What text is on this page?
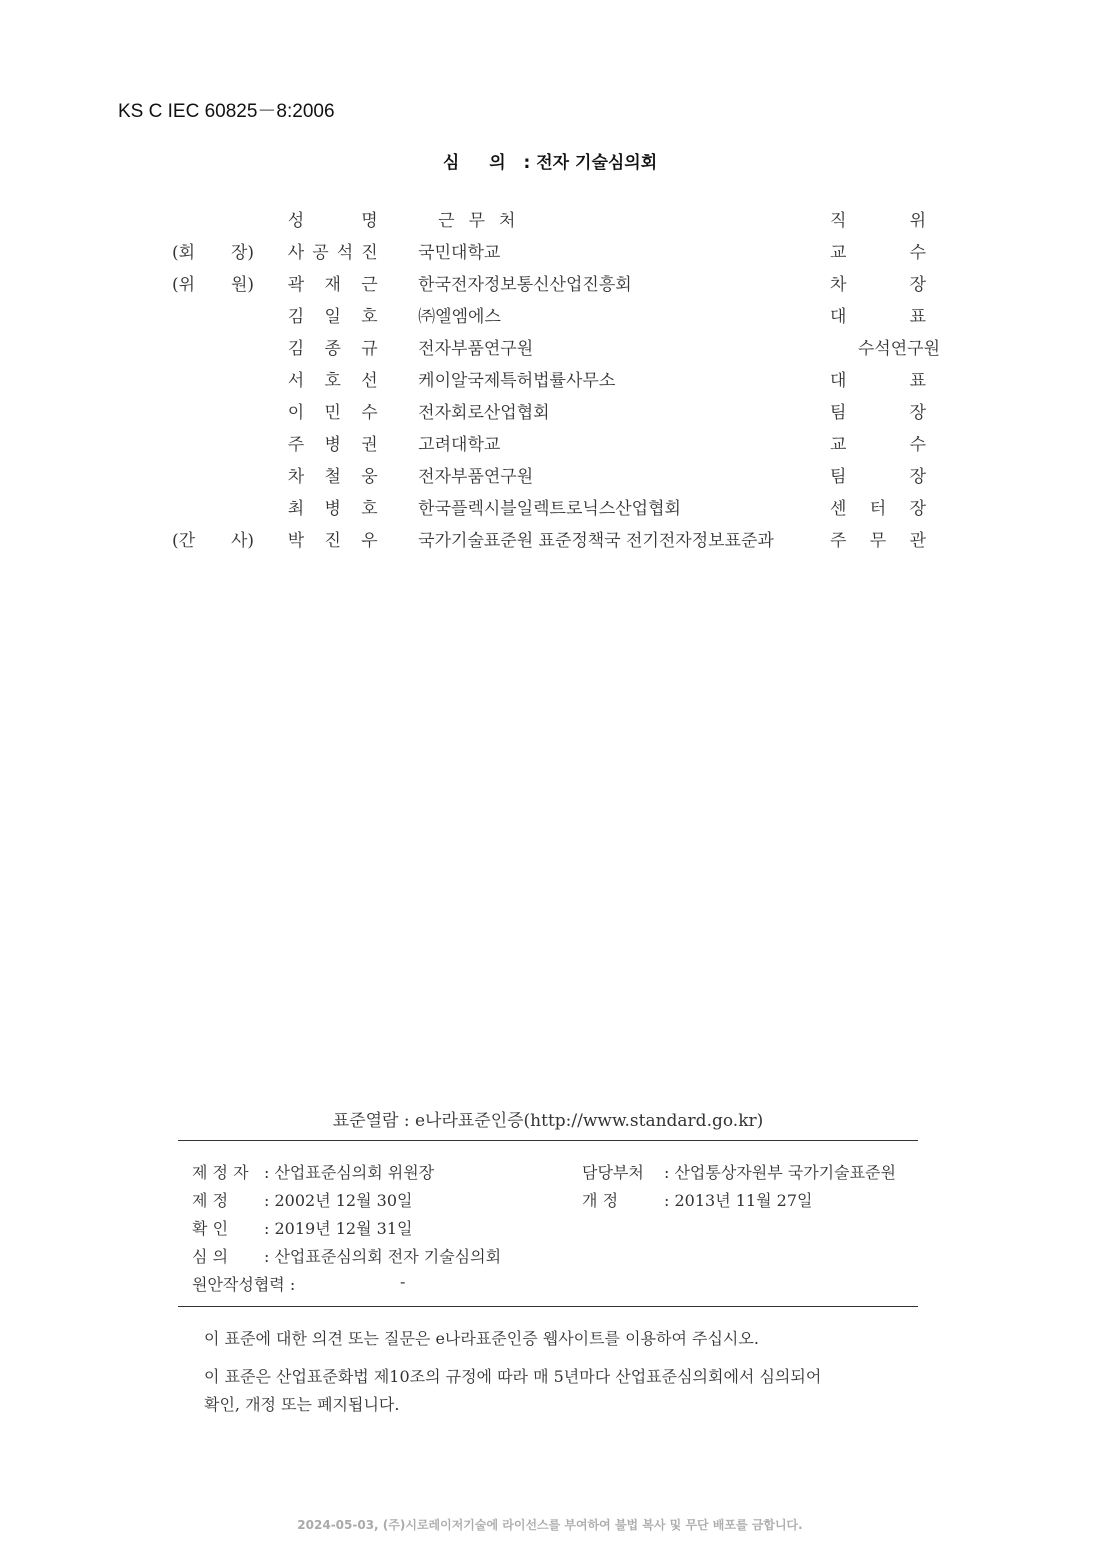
KS C IEC 60825－8:2006
심 의 : 전자 기술심의회

	성 명	근무처	직 위

(회 장)	사 공 석 진	국민대학교	교 수

(위 원)	곽 재 근	한국전자정보통신산업진흥회	차 장

	김 일 호	㈜엘엠에스	대 표

	김 종 규	전자부품연구원	수석연구원

	서 호 선	케이알국제특허법률사무소	대 표

	이 민 수	전자회로산업협회	팀 장

	주 병 권	고려대학교	교 수

	차 철 웅	전자부품연구원	팀 장

	최 병 호	한국플렉시블일렉트로닉스산업협회	센 터 장

(간 사)	박 진 우	국가기술표준원 표준정책국 전기전자정보표준과	주 무 관
표준열람 : e나라표준인증(http://www.standard.go.kr)
제 정 자 : 산업표준심의회 위원장	담당부처	: 산업통상자원부 국가기술표준원
제 정	: 2002년 12월 30일	개 정	: 2013년 11월 27일
확 인	: 2019년 12월 31일
심 의	: 산업표준심의회 전자 기술심의회
원안작성협력 :	-
이 표준에 대한 의견 또는 질문은 e나라표준인증 웹사이트를 이용하여 주십시오.
이 표준은 산업표준화법 제10조의 규정에 따라 매 5년마다 산업표준심의회에서 심의되어
확인, 개정 또는 폐지됩니다.
2024-05-03, (주)시로레이저기술에 라이선스를 부여하여 불법 복사 및 무단 배포를 금합니다.
